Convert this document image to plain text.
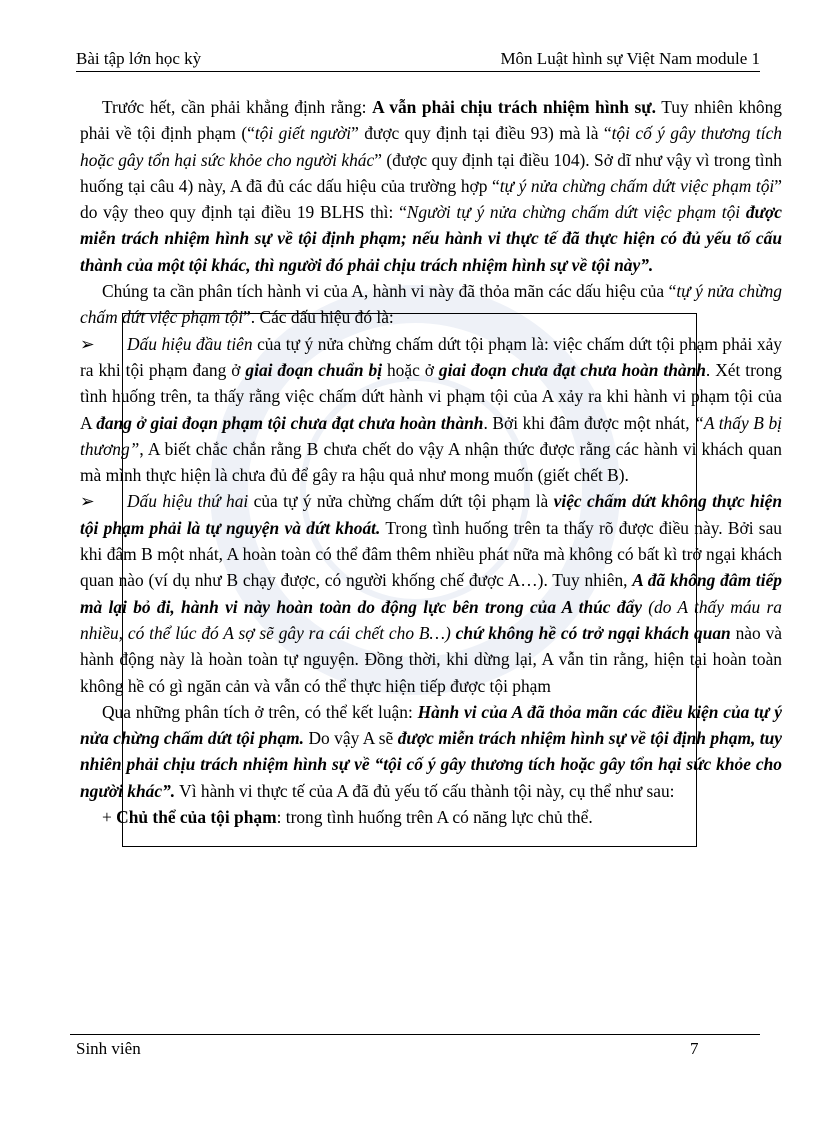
Bài tập lớn học kỳ	Môn Luật hình sự Việt Nam module 1

Trước hết, cần phải khẳng định rằng: A vẫn phải chịu trách nhiệm hình sự. Tuy nhiên không phải về tội định phạm (“tội giết người” được quy định tại điều 93) mà là “tội cố ý gây thương tích hoặc gây tổn hại sức khỏe cho người khác” (được quy định tại điều 104). Sở dĩ như vậy vì trong tình huống tại câu 4) này, A đã đủ các dấu hiệu của trường hợp “tự ý nửa chừng chấm dứt việc phạm tội” do vậy theo quy định tại điều 19 BLHS thì: “Người tự ý nửa chừng chấm dứt việc phạm tội được miễn trách nhiệm hình sự về tội định phạm; nếu hành vi thực tế đã thực hiện có đủ yếu tố cấu thành của một tội khác, thì người đó phải chịu trách nhiệm hình sự về tội này”.

Chúng ta cần phân tích hành vi của A, hành vi này đã thỏa mãn các dấu hiệu của “tự ý nửa chừng chấm dứt việc phạm tội”. Các dấu hiệu đó là:

➢ Dấu hiệu đầu tiên của tự ý nửa chừng chấm dứt tội phạm là: việc chấm dứt tội phạm phải xảy ra khi tội phạm đang ở giai đoạn chuẩn bị hoặc ở giai đoạn chưa đạt chưa hoàn thành. Xét trong tình huống trên, ta thấy rằng việc chấm dứt hành vi phạm tội của A xảy ra khi hành vi phạm tội của A đang ở giai đoạn phạm tội chưa đạt chưa hoàn thành. Bởi khi đâm được một nhát, “A thấy B bị thương”, A biết chắc chắn rằng B chưa chết do vậy A nhận thức được rằng các hành vi khách quan mà mình thực hiện là chưa đủ để gây ra hậu quả như mong muốn (giết chết B).

➢ Dấu hiệu thứ hai của tự ý nửa chừng chấm dứt tội phạm là việc chấm dứt không thực hiện tội phạm phải là tự nguyện và dứt khoát. Trong tình huống trên ta thấy rõ được điều này. Bởi sau khi đâm B một nhát, A hoàn toàn có thể đâm thêm nhiều phát nữa mà không có bất kì trở ngại khách quan nào (ví dụ như B chạy được, có người khống chế được A…). Tuy nhiên, A đã không đâm tiếp mà lại bỏ đi, hành vi này hoàn toàn do động lực bên trong của A thúc đẩy (do A thấy máu ra nhiều, có thể lúc đó A sợ sẽ gây ra cái chết cho B…) chứ không hề có trở ngại khách quan nào và hành động này là hoàn toàn tự nguyện. Đồng thời, khi dừng lại, A vẫn tin rằng, hiện tại hoàn toàn không hề có gì ngăn cản và vẫn có thể thực hiện tiếp được tội phạm

Qua những phân tích ở trên, có thể kết luận: Hành vi của A đã thỏa mãn các điều kiện của tự ý nửa chừng chấm dứt tội phạm. Do vậy A sẽ được miễn trách nhiệm hình sự về tội định phạm, tuy nhiên phải chịu trách nhiệm hình sự về “tội cố ý gây thương tích hoặc gây tổn hại sức khỏe cho người khác”. Vì hành vi thực tế của A đã đủ yếu tố cấu thành tội này, cụ thể như sau:

+ Chủ thể của tội phạm: trong tình huống trên A có năng lực chủ thể.

Sinh viên	7
